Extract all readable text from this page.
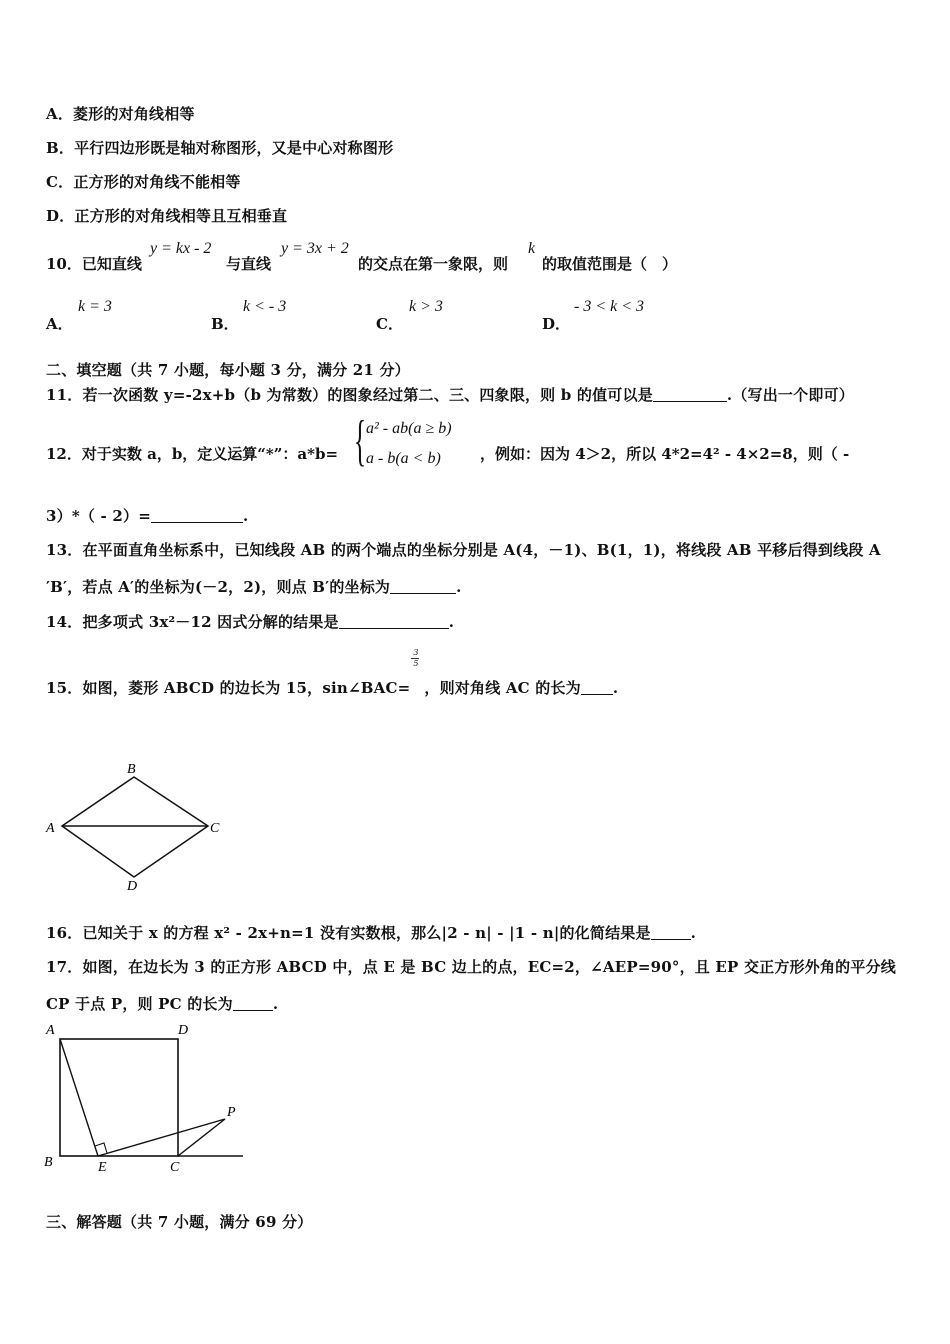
A．菱形的对角线相等
B．平行四边形既是轴对称图形，又是中心对称图形
C．正方形的对角线不能相等
D．正方形的对角线相等且互相垂直
10．已知直线
y = kx - 2
与直线
y = 3x + 2
的交点在第一象限，则
k
的取值范围是（　）
A．
k = 3
B．
k < - 3
C．
k > 3
D．
- 3 < k < 3
二、填空题（共 7 小题，每小题 3 分，满分 21 分）
11．若一次函数 y=-2x+b（b 为常数）的图象经过第二、三、四象限，则 b 的值可以是	.（写出一个即可）
12．对于实数 a，b，定义运算“*”：a*b= { a² - ab(a ≥ b)
a - b(a < b)	，例如：因为 4＞2，所以 4*2=4² - 4×2=8，则（ -
3）*（ - 2）=	.
13．在平面直角坐标系中，已知线段 AB 的两个端点的坐标分别是 A(4，－1)、B(1，1)，将线段 AB 平移后得到线段 A
′B′，若点 A′的坐标为(－2，2)，则点 B′的坐标为	.
14．把多项式 3x²－12 因式分解的结果是	.
15．如图，菱形 ABCD 的边长为 15，sin∠BAC= $\frac{3}{5}$ ，则对角线 AC 的长为 .
A
B
C
D
16．已知关于 x 的方程 x² - 2x+n=1 没有实数根，那么|2 - n| - |1 - n|的化简结果是	.
17．如图，在边长为 3 的正方形 ABCD 中，点 E 是 BC 边上的点，EC=2，∠AEP=90°，且 EP 交正方形外角的平分线
CP 于点 P，则 PC 的长为	.
A	D
B	E	C
P
三、解答题（共 7 小题，满分 69 分）
